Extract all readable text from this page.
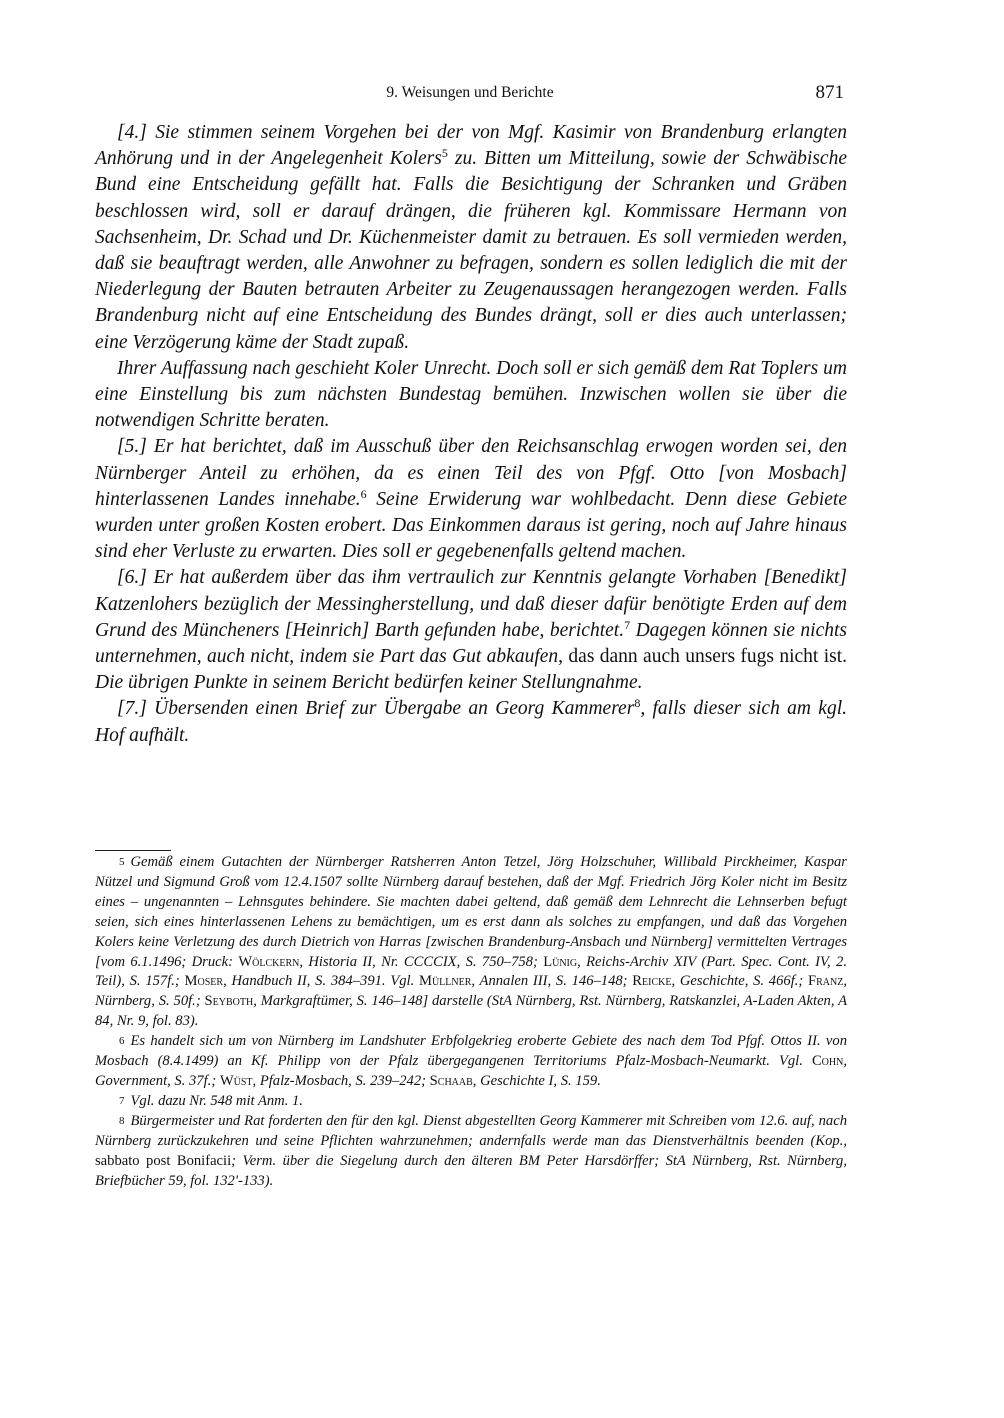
9. Weisungen und Berichte	871

[4.] Sie stimmen seinem Vorgehen bei der von Mgf. Kasimir von Brandenburg erlangten Anhörung und in der Angelegenheit Kolers$^5$ zu. Bitten um Mitteilung, sowie der Schwäbische Bund eine Entscheidung gefällt hat. Falls die Besichtigung der Schranken und Gräben beschlossen wird, soll er darauf drängen, die früheren kgl. Kommissare Hermann von Sachsenheim, Dr. Schad und Dr. Küchenmeister damit zu betrauen. Es soll vermieden werden, daß sie beauftragt werden, alle Anwohner zu befragen, sondern es sollen lediglich die mit der Niederlegung der Bauten betrauten Arbeiter zu Zeugenaussagen herangezogen werden. Falls Brandenburg nicht auf eine Entscheidung des Bundes drängt, soll er dies auch unterlassen; eine Verzögerung käme der Stadt zupaß.

Ihrer Auffassung nach geschieht Koler Unrecht. Doch soll er sich gemäß dem Rat Toplers um eine Einstellung bis zum nächsten Bundestag bemühen. Inzwischen wollen sie über die notwendigen Schritte beraten.

[5.] Er hat berichtet, daß im Ausschuß über den Reichsanschlag erwogen worden sei, den Nürnberger Anteil zu erhöhen, da es einen Teil des von Pfgf. Otto [von Mosbach] hinterlassenen Landes innehabe.$^6$ Seine Erwiderung war wohlbedacht. Denn diese Gebiete wurden unter großen Kosten erobert. Das Einkommen daraus ist gering, noch auf Jahre hinaus sind eher Verluste zu erwarten. Dies soll er gegebenenfalls geltend machen.

[6.] Er hat außerdem über das ihm vertraulich zur Kenntnis gelangte Vorhaben [Benedikt] Katzenlohers bezüglich der Messingherstellung, und daß dieser dafür benötigte Erden auf dem Grund des Müncheners [Heinrich] Barth gefunden habe, berichtet.$^7$ Dagegen können sie nichts unternehmen, auch nicht, indem sie Part das Gut abkaufen, das dann auch unsers fugs nicht ist. Die übrigen Punkte in seinem Bericht bedürfen keiner Stellungnahme.

[7.] Übersenden einen Brief zur Übergabe an Georg Kammerer$^8$, falls dieser sich am kgl. Hof aufhält.

5 Gemäß einem Gutachten der Nürnberger Ratsherren Anton Tetzel, Jörg Holzschuher, Willibald Pirckheimer, Kaspar Nützel und Sigmund Groß vom 12.4.1507 sollte Nürnberg darauf bestehen, daß der Mgf. Friedrich Jörg Koler nicht im Besitz eines – ungenannten – Lehnsgutes behindere. Sie machten dabei geltend, daß gemäß dem Lehnrecht die Lehnserben befugt seien, sich eines hinterlassenen Lehens zu bemächtigen, um es erst dann als solches zu empfangen, und daß das Vorgehen Kolers keine Verletzung des durch Dietrich von Harras [zwischen Brandenburg-Ansbach und Nürnberg] vermittelten Vertrages [vom 6.1.1496; Druck: Wölckern, Historia II, Nr. CCCCIX, S. 750–758; Lünig, Reichs-Archiv XIV (Part. Spec. Cont. IV, 2. Teil), S. 157f.; Moser, Handbuch II, S. 384–391. Vgl. Müllner, Annalen III, S. 146–148; Reicke, Geschichte, S. 466f.; Franz, Nürnberg, S. 50f.; Seyboth, Markgraftümer, S. 146–148] darstelle (StA Nürnberg, Rst. Nürnberg, Ratskanzlei, A-Laden Akten, A 84, Nr. 9, fol. 83).

6 Es handelt sich um von Nürnberg im Landshuter Erbfolgekrieg eroberte Gebiete des nach dem Tod Pfgf. Ottos II. von Mosbach (8.4.1499) an Kf. Philipp von der Pfalz übergegangenen Territoriums Pfalz-Mosbach-Neumarkt. Vgl. Cohn, Government, S. 37f.; Wüst, Pfalz-Mosbach, S. 239–242; Schaab, Geschichte I, S. 159.

7 Vgl. dazu Nr. 548 mit Anm. 1.

8 Bürgermeister und Rat forderten den für den kgl. Dienst abgestellten Georg Kammerer mit Schreiben vom 12.6. auf, nach Nürnberg zurückzukehren und seine Pflichten wahrzunehmen; andernfalls werde man das Dienstverhältnis beenden (Kop., sabbato post Bonifacii; Verm. über die Siegelung durch den älteren BM Peter Harsdörffer; StA Nürnberg, Rst. Nürnberg, Briefbücher 59, fol. 132'-133).
